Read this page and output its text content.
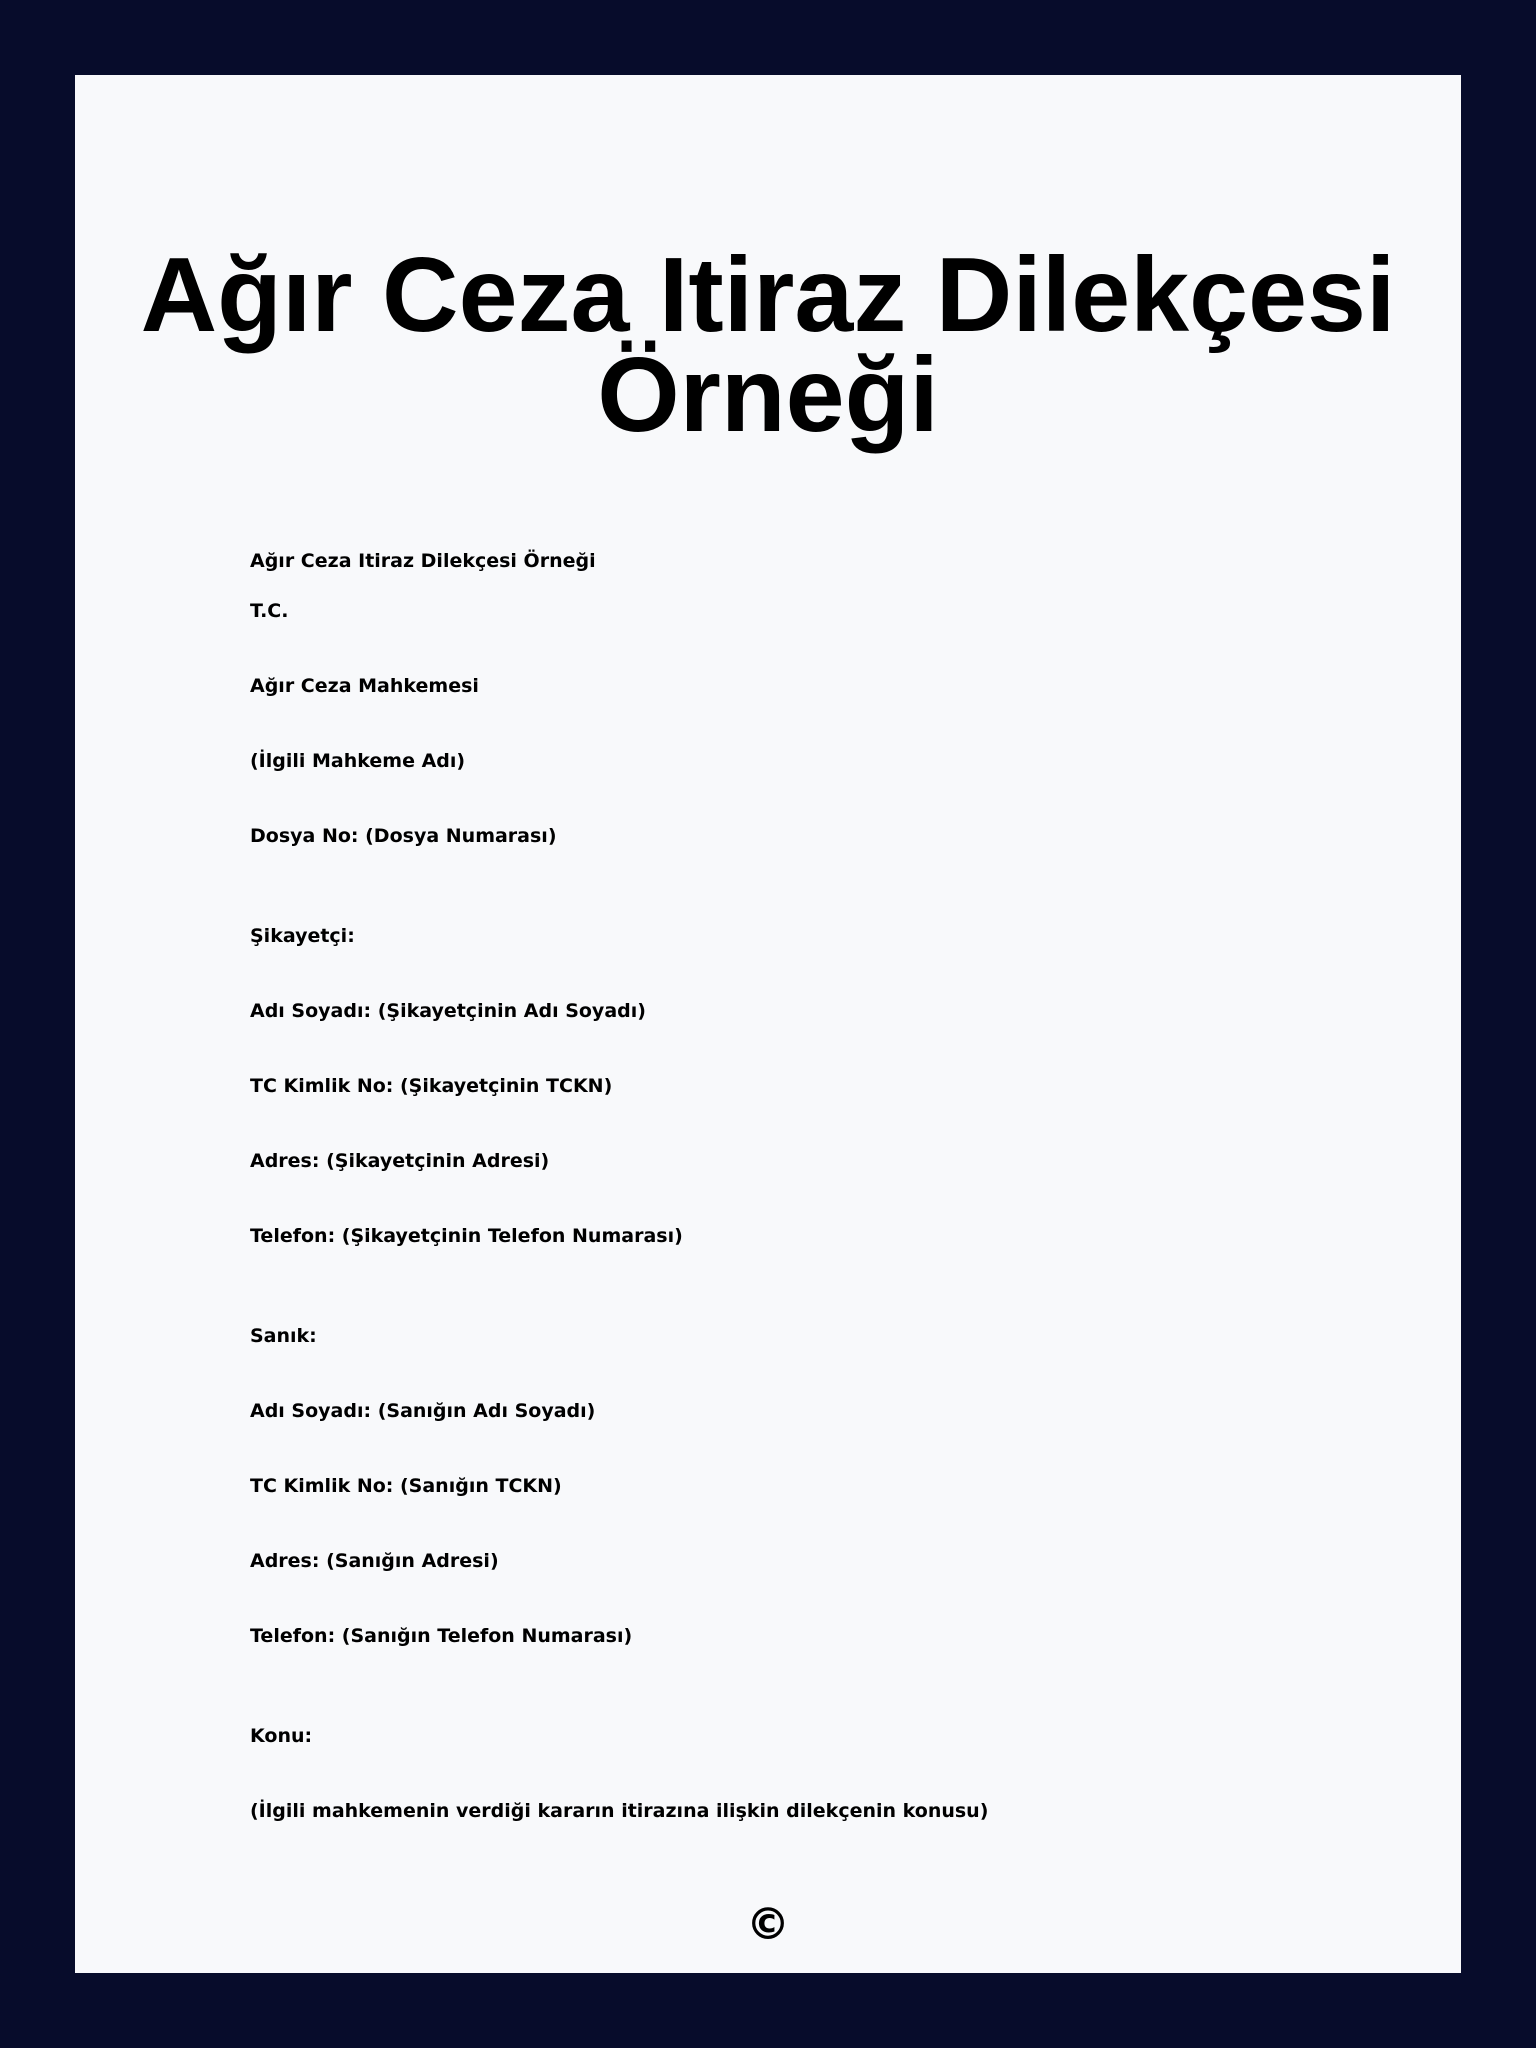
Ağır Ceza Itiraz Dilekçesi Örneği

Ağır Ceza Itiraz Dilekçesi Örneği

T.C.

Ağır Ceza Mahkemesi

(İlgili Mahkeme Adı)

Dosya No: (Dosya Numarası)

Şikayetçi:

Adı Soyadı: (Şikayetçinin Adı Soyadı)

TC Kimlik No: (Şikayetçinin TCKN)

Adres: (Şikayetçinin Adresi)

Telefon: (Şikayetçinin Telefon Numarası)

Sanık:

Adı Soyadı: (Sanığın Adı Soyadı)

TC Kimlik No: (Sanığın TCKN)

Adres: (Sanığın Adresi)

Telefon: (Sanığın Telefon Numarası)

Konu:

(İlgili mahkemenin verdiği kararın itirazına ilişkin dilekçenin konusu)

©
